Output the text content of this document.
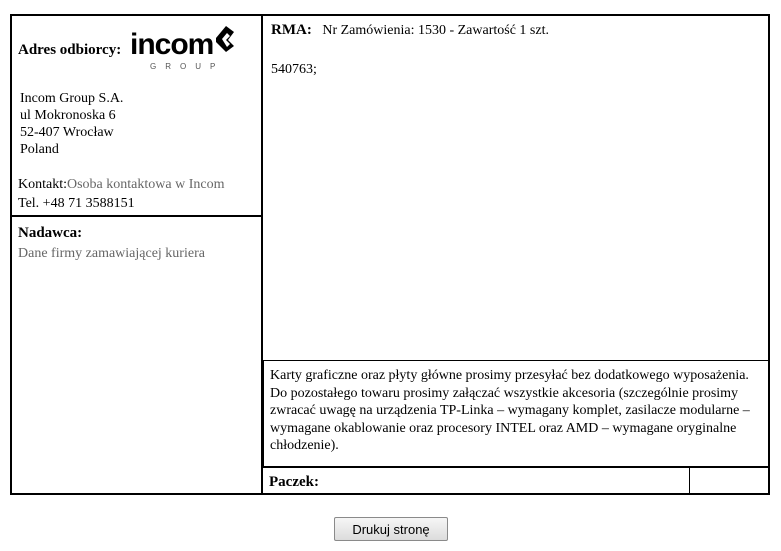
Adres odbiorcy: incom
GROUP
Incom Group S.A.
ul Mokronoska 6
52-407 Wrocław
Poland
Kontakt:Osoba kontaktowa w Incom
Tel. +48 71 3588151
Nadawca:
Dane firmy zamawiającej kuriera
RMA: Nr Zamówienia: 1530 - Zawartość 1 szt.
540763;
Karty graficzne oraz płyty główne prosimy przesyłać bez dodatkowego wyposażenia. Do pozostałego towaru prosimy załączać wszystkie akcesoria (szczególnie prosimy zwracać uwagę na urządzenia TP-Linka – wymagany komplet, zasilacze modularne – wymagane okablowanie oraz procesory INTEL oraz AMD – wymagane oryginalne chłodzenie).
Paczek:
Drukuj stronę
